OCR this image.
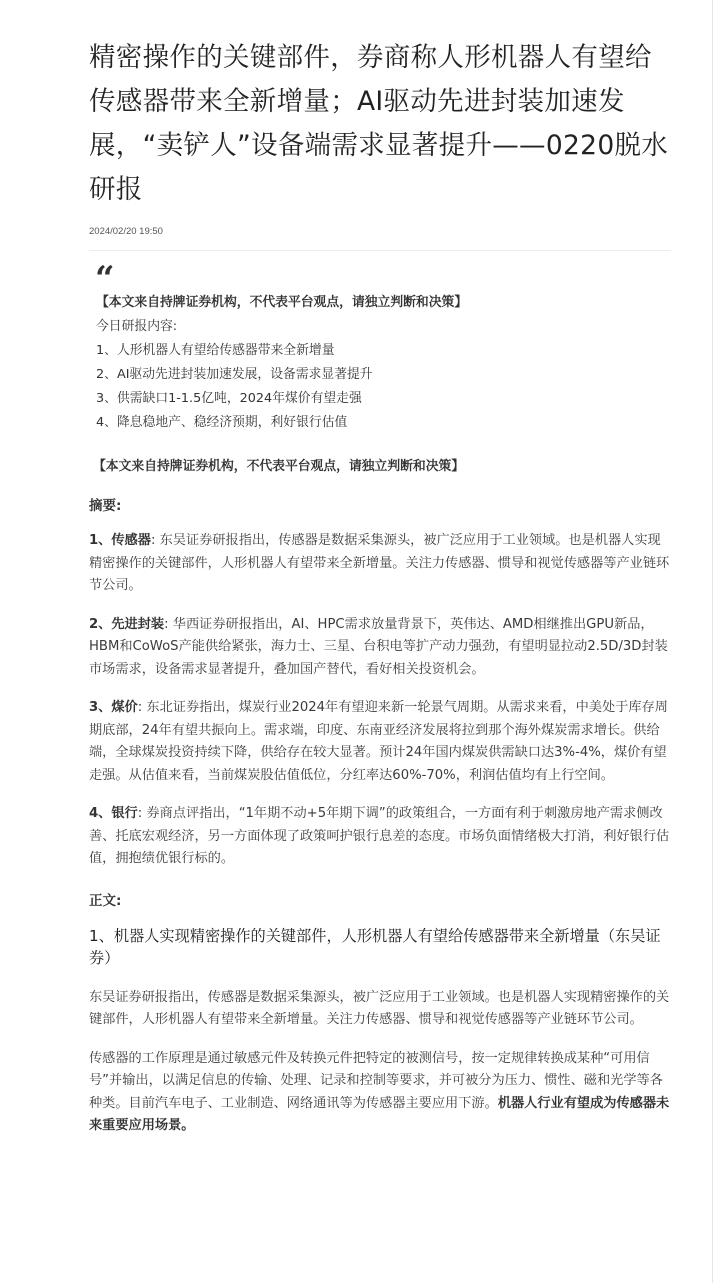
精密操作的关键部件，券商称人形机器人有望给传感器带来全新增量；AI驱动先进封装加速发展，“卖铲人”设备端需求显著提升——0220脱水研报
2024/02/20 19:50
“
【本文来自持牌证券机构，不代表平台观点，请独立判断和决策】
今日研报内容:
1、人形机器人有望给传感器带来全新增量
2、AI驱动先进封装加速发展，设备需求显著提升
3、供需缺口1-1.5亿吨，2024年煤价有望走强
4、降息稳地产、稳经济预期，利好银行估值
【本文来自持牌证券机构，不代表平台观点，请独立判断和决策】
摘要:

1、传感器: 东吴证券研报指出，传感器是数据采集源头，被广泛应用于工业领域。也是机器人实现精密操作的关键部件，人形机器人有望带来全新增量。关注力传感器、惯导和视觉传感器等产业链环节公司。

2、先进封装: 华西证券研报指出，AI、HPC需求放量背景下，英伟达、AMD相继推出GPU新品，HBM和CoWoS产能供给紧张，海力士、三星、台积电等扩产动力强劲，有望明显拉动2.5D/3D封装市场需求，设备需求显著提升，叠加国产替代，看好相关投资机会。

3、煤价: 东北证券指出，煤炭行业2024年有望迎来新一轮景气周期。从需求来看，中美处于库存周期底部，24年有望共振向上。需求端，印度、东南亚经济发展将拉到那个海外煤炭需求增长。供给端，全球煤炭投资持续下降，供给存在较大显著。预计24年国内煤炭供需缺口达3%-4%，煤价有望走强。从估值来看，当前煤炭股估值低位，分红率达60%-70%，利润估值均有上行空间。

4、银行: 券商点评指出，“1年期不动+5年期下调”的政策组合，一方面有利于刺激房地产需求侧改善、托底宏观经济，另一方面体现了政策呵护银行息差的态度。市场负面情绪极大打消，利好银行估值，拥抱绩优银行标的。

正文:
1、机器人实现精密操作的关键部件，人形机器人有望给传感器带来全新增量（东吴证券）

东吴证券研报指出，传感器是数据采集源头，被广泛应用于工业领域。也是机器人实现精密操作的关键部件，人形机器人有望带来全新增量。关注力传感器、惯导和视觉传感器等产业链环节公司。

传感器的工作原理是通过敏感元件及转换元件把特定的被测信号，按一定规律转换成某种“可用信号”并输出，以满足信息的传输、处理、记录和控制等要求，并可被分为压力、惯性、磁和光学等各种类。目前汽车电子、工业制造、网络通讯等为传感器主要应用下游。机器人行业有望成为传感器未来重要应用场景。
